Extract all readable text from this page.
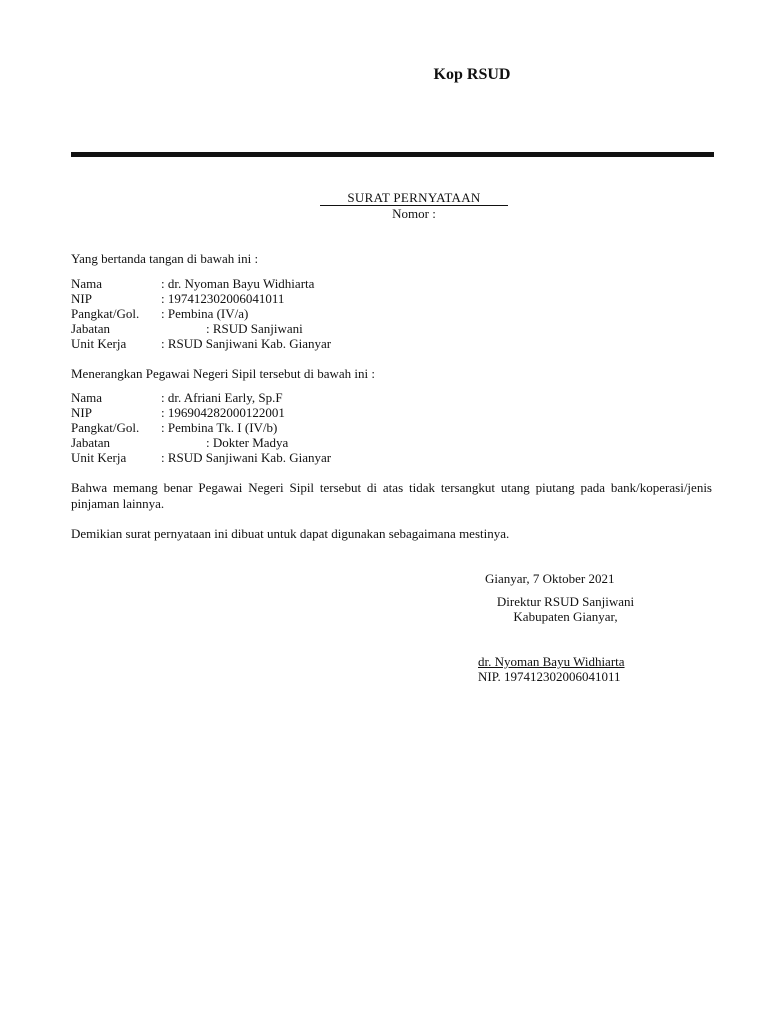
Kop RSUD
SURAT PERNYATAAN
Nomor :
Yang bertanda tangan di bawah ini :
Nama	: dr. Nyoman Bayu Widhiarta
NIP	: 197412302006041011
Pangkat/Gol. : Pembina (IV/a)
Jabatan	: RSUD Sanjiwani
Unit Kerja	: RSUD Sanjiwani Kab. Gianyar
Menerangkan Pegawai Negeri Sipil tersebut di bawah ini :
Nama	: dr. Afriani Early, Sp.F
NIP	: 196904282000122001
Pangkat/Gol. : Pembina Tk. I (IV/b)
Jabatan	: Dokter Madya
Unit Kerja	: RSUD Sanjiwani Kab. Gianyar
Bahwa memang benar Pegawai Negeri Sipil tersebut di atas tidak tersangkut utang piutang pada bank/koperasi/jenis pinjaman lainnya.
Demikian surat pernyataan ini dibuat untuk dapat digunakan sebagaimana mestinya.
Gianyar, 7 Oktober 2021
Direktur RSUD Sanjiwani
Kabupaten Gianyar,
dr. Nyoman Bayu Widhiarta
NIP. 197412302006041011
